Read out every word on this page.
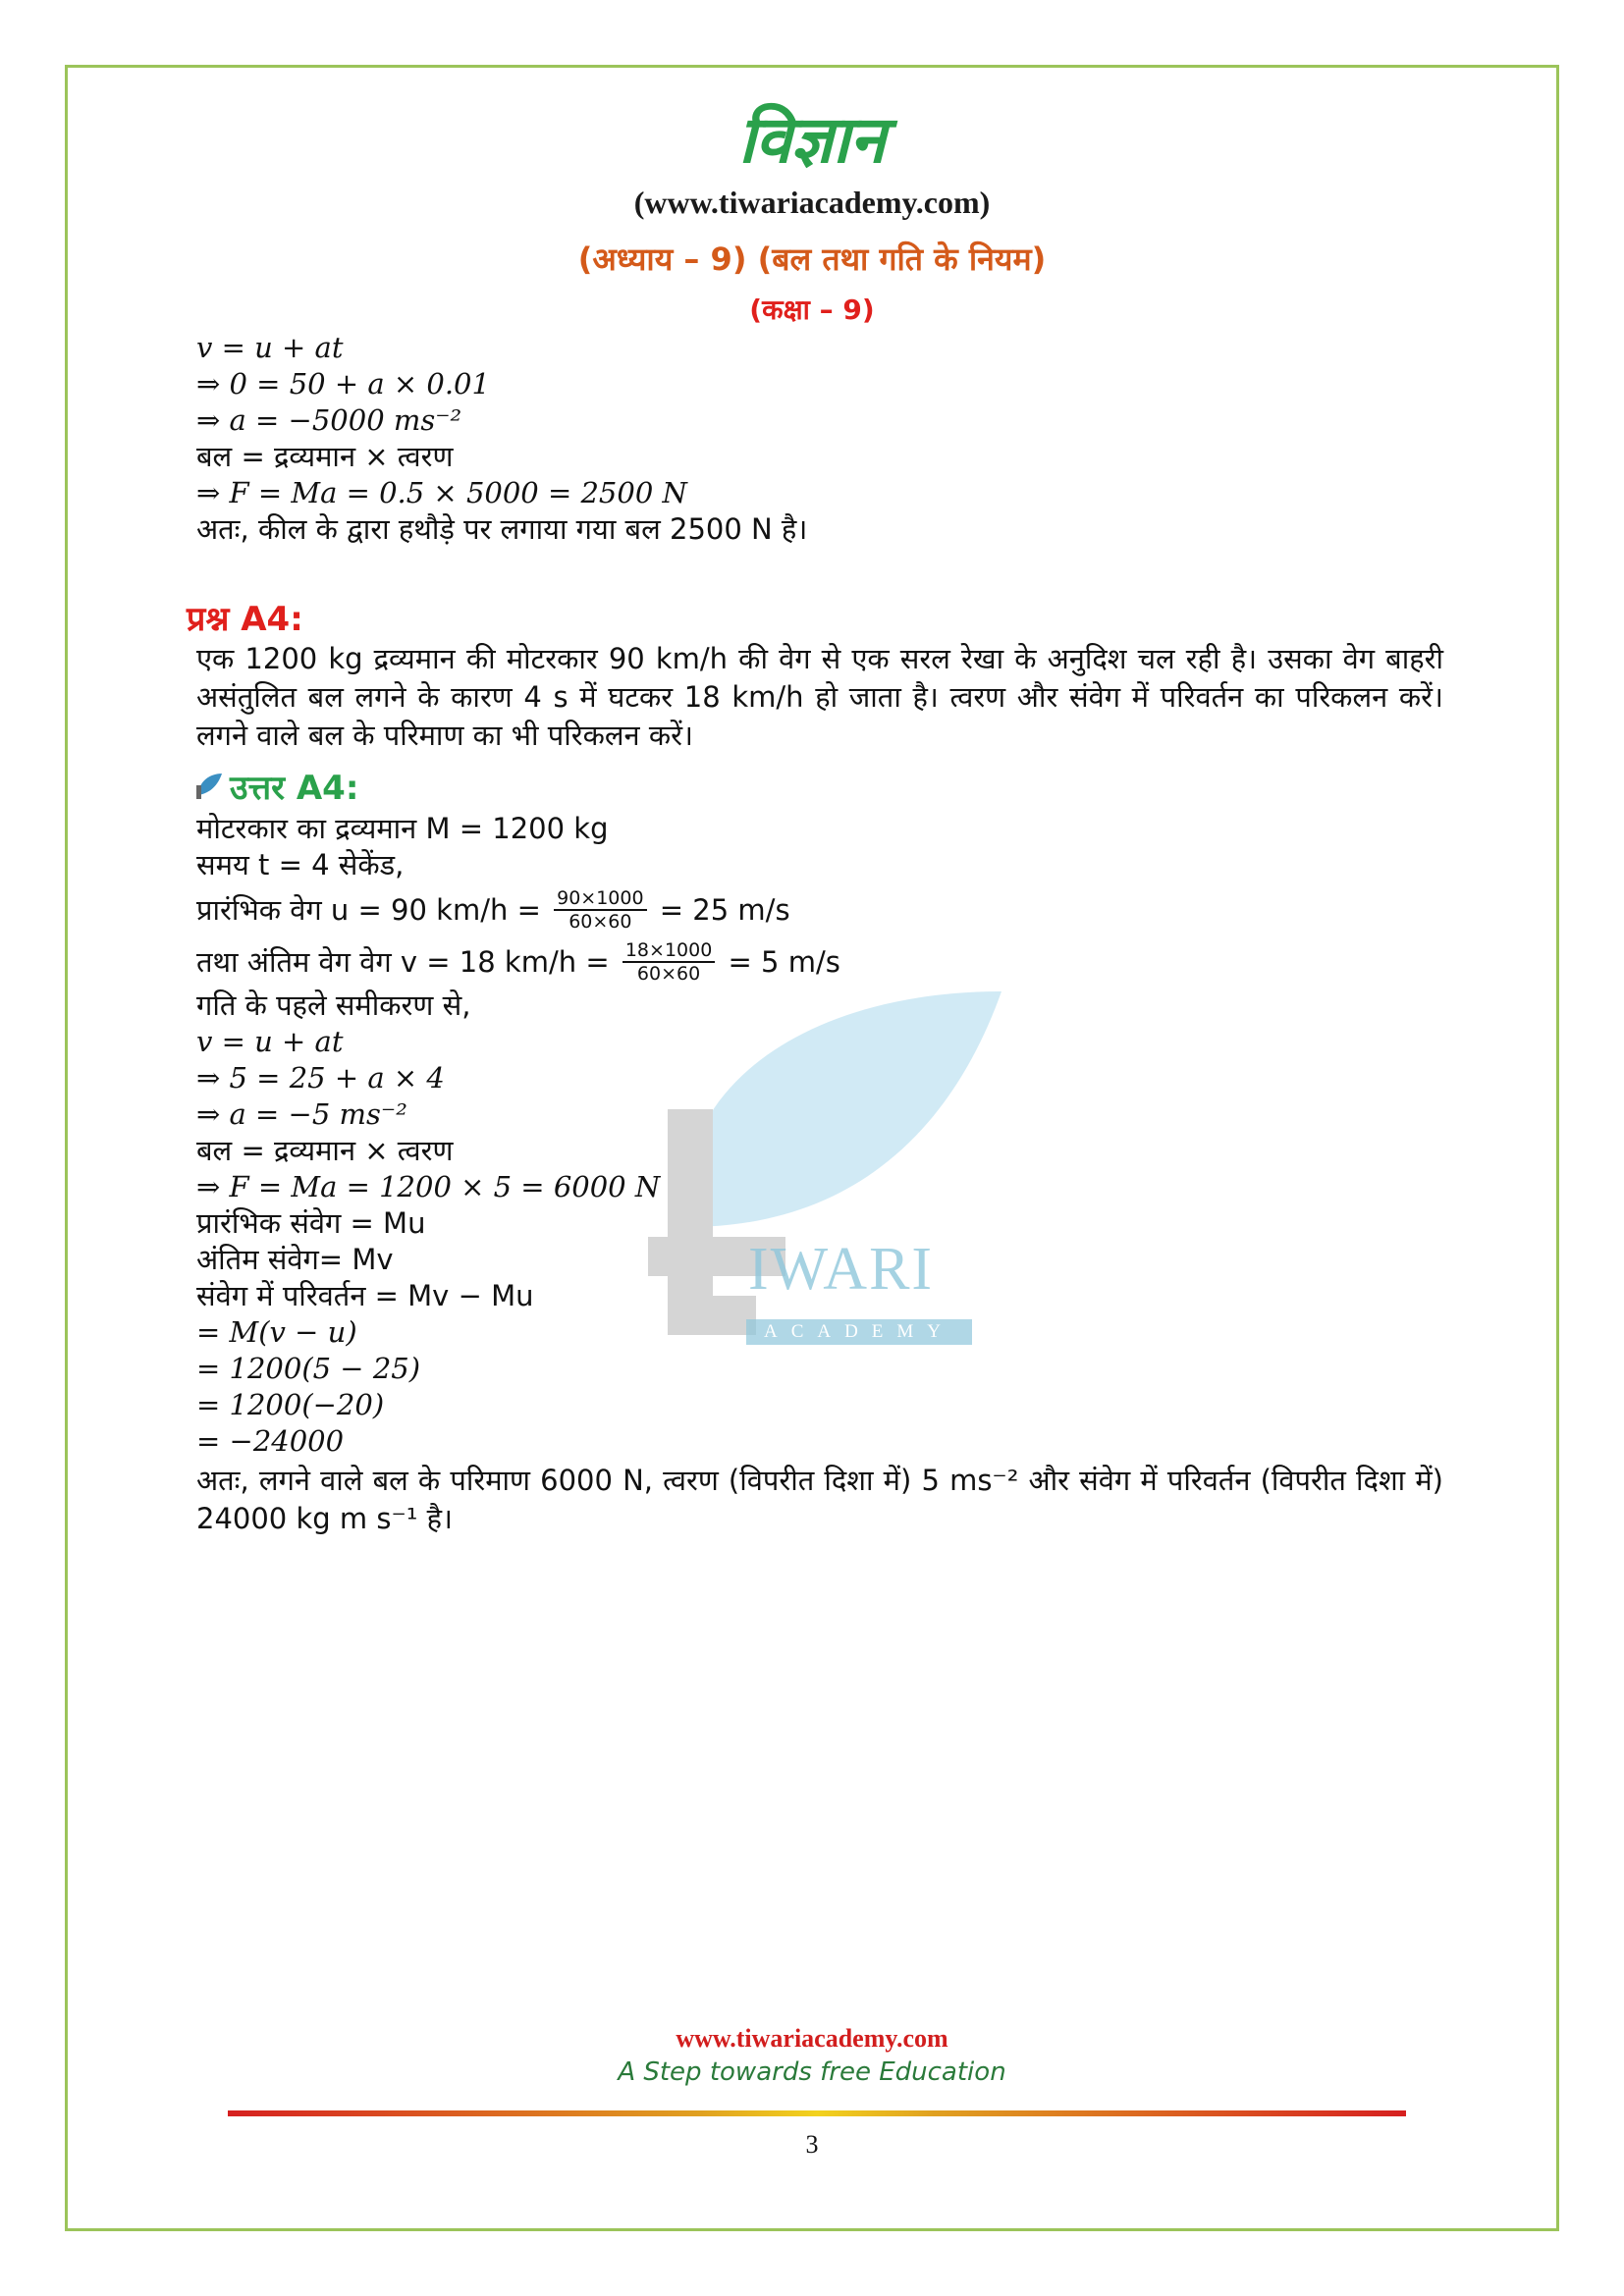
विज्ञान
(www.tiwariacademy.com)
(अध्याय – 9) (बल तथा गति के नियम)
(कक्षा – 9)
IWARI
ACADEMY
v = u + at
⇒ 0 = 50 + a × 0.01
⇒ a = −5000 ms⁻²
बल = द्रव्यमान × त्वरण
⇒ F = Ma = 0.5 × 5000 = 2500 N
अतः, कील के द्वारा हथौड़े पर लगाया गया बल 2500 N है।
प्रश्न A4:
एक 1200 kg द्रव्यमान की मोटरकार 90 km/h की वेग से एक सरल रेखा के अनुदिश चल रही है। उसका वेग बाहरी असंतुलित बल लगने के कारण 4 s में घटकर 18 km/h हो जाता है। त्वरण और संवेग में परिवर्तन का परिकलन करें। लगने वाले बल के परिमाण का भी परिकलन करें।
उत्तर A4:
मोटरकार का द्रव्यमान M = 1200 kg
समय t = 4 सेकेंड,
प्रारंभिक वेग u = 90 $km/h = \frac{90\times 1000}{60\times 60} = 25$ m/s
तथा अंतिम वेग वेग v = 18 $km/h = \frac{18\times 1000}{60\times 60} = 5$ m/s
गति के पहले समीकरण से,
v = u + at
⇒ 5 = 25 + a × 4
⇒ a = −5 ms⁻²
बल = द्रव्यमान × त्वरण
⇒ F = Ma = 1200 × 5 = 6000 N
प्रारंभिक संवेग = Mu
अंतिम संवेग= Mv
संवेग में परिवर्तन = Mv − Mu
= M(v − u)
= 1200(5 − 25)
= 1200(−20)
= −24000
अतः, लगने वाले बल के परिमाण 6000 N, त्वरण (विपरीत दिशा में) 5 ms⁻² और संवेग में परिवर्तन (विपरीत दिशा में) 24000 kg m s⁻¹ है।
www.tiwariacademy.com
A Step towards free Education
3
